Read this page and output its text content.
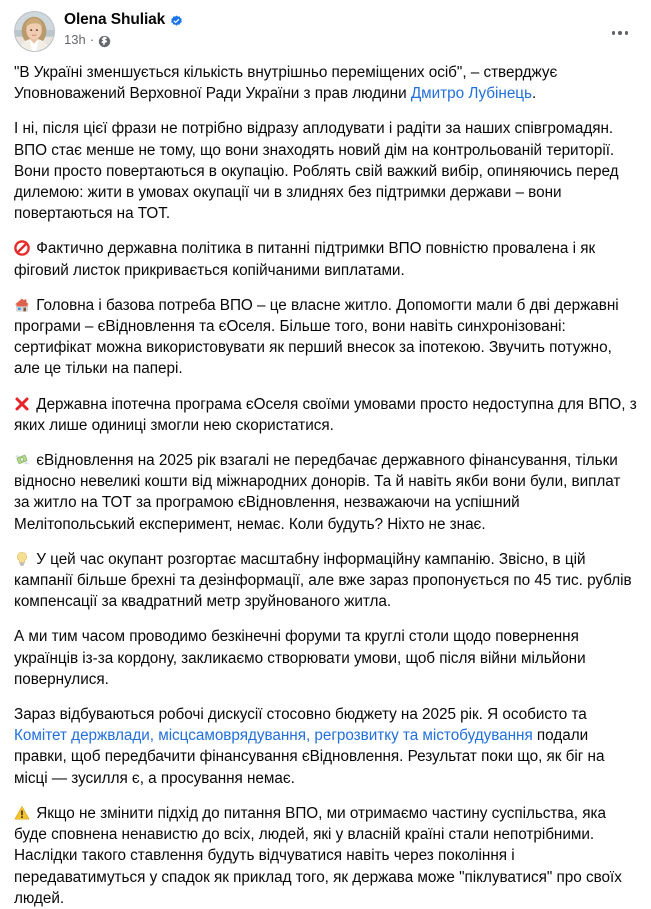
Olena Shuliak
13h ·
"В Україні зменшується кількість внутрішньо переміщених осіб", – стверджує Уповноважений Верховної Ради України з прав людини Дмитро Лубінець.
І ні, після цієї фрази не потрібно відразу аплодувати і радіти за наших співгромадян. ВПО стає менше не тому, що вони знаходять новий дім на контрольованій території. Вони просто повертаються в окупацію. Роблять свій важкий вибір, опиняючись перед дилемою: жити в умовах окупації чи в злиднях без підтримки держави – вони повертаються на ТОТ.
Фактично державна політика в питанні підтримки ВПО повністю провалена і як фіговий листок прикривається копійчаними виплатами.
Головна і базова потреба ВПО – це власне житло. Допомогти мали б дві державні програми – єВідновлення та єОселя. Більше того, вони навіть синхронізовані: сертифікат можна використовувати як перший внесок за іпотекою. Звучить потужно, але це тільки на папері.
Державна іпотечна програма єОселя своїми умовами просто недоступна для ВПО, з яких лише одиниці змогли нею скористатися.
єВідновлення на 2025 рік взагалі не передбачає державного фінансування, тільки відносно невеликі кошти від міжнародних донорів. Та й навіть якби вони були, виплат за житло на ТОТ за програмою єВідновлення, незважаючи на успішний Мелітопольський експеримент, немає. Коли будуть? Ніхто не знає.
У цей час окупант розгортає масштабну інформаційну кампанію. Звісно, в цій кампанії більше брехні та дезінформації, але вже зараз пропонується по 45 тис. рублів компенсації за квадратний метр зруйнованого житла.
А ми тим часом проводимо безкінечні форуми та круглі столи щодо повернення українців із-за кордону, закликаємо створювати умови, щоб після війни мільйони повернулися.
Зараз відбуваються робочі дискусії стосовно бюджету на 2025 рік. Я особисто та Комітет держвлади, місцсамоврядування, регрозвитку та містобудування подали правки, щоб передбачити фінансування єВідновлення. Результат поки що, як біг на місці — зусилля є, а просування немає.
Якщо не змінити підхід до питання ВПО, ми отримаємо частину суспільства, яка буде сповнена ненавистю до всіх, людей, які у власній країні стали непотрібними. Наслідки такого ставлення будуть відчуватися навіть через покоління і передаватимуться у спадок як приклад того, як держава може "піклуватися" про своїх людей.
